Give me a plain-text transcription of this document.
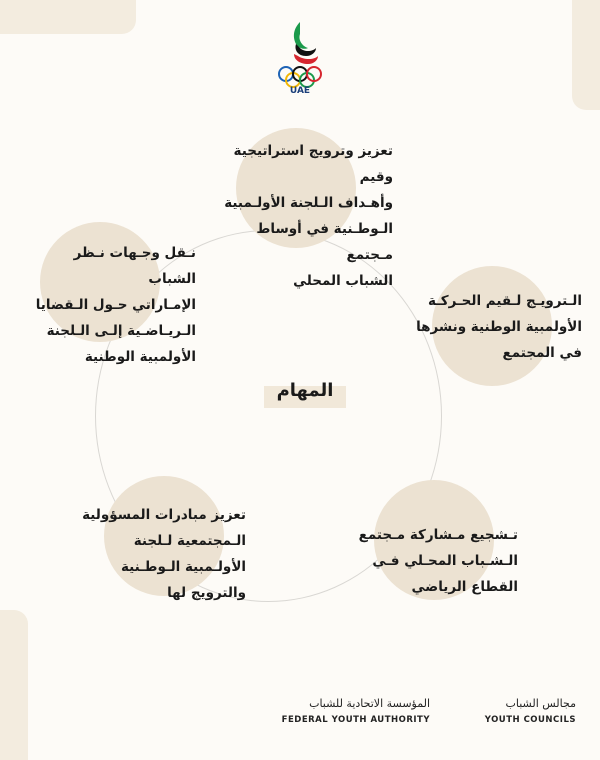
UAE
تعزيز وترويج استراتيجية وقيم
وأهـداف الـلجنة الأولـمبية
الـوطـنية في أوساط مـجتمع
الشباب المحلي
الـترويـج لـقيم الحـركـة
الأولمبية الوطنية ونشرها
في المجتمع
تـشجيع مـشاركة مـجتمع
الـشـباب المحـلي فـي
القطاع الرياضي
تعزيز مبادرات المسؤولية
الـمجتمعية لـلجنة
الأولـمبية الـوطـنية
والترويج لها
نـقل وجـهات نـظر الشباب
الإمـاراتي حـول الـقضايا
الـريـاضـية إلـى الـلجنة
الأولمبية الوطنية
المهام
المؤسسة الاتحادية للشباب
FEDERAL YOUTH AUTHORITY
مجالس الشباب
YOUTH COUNCILS
